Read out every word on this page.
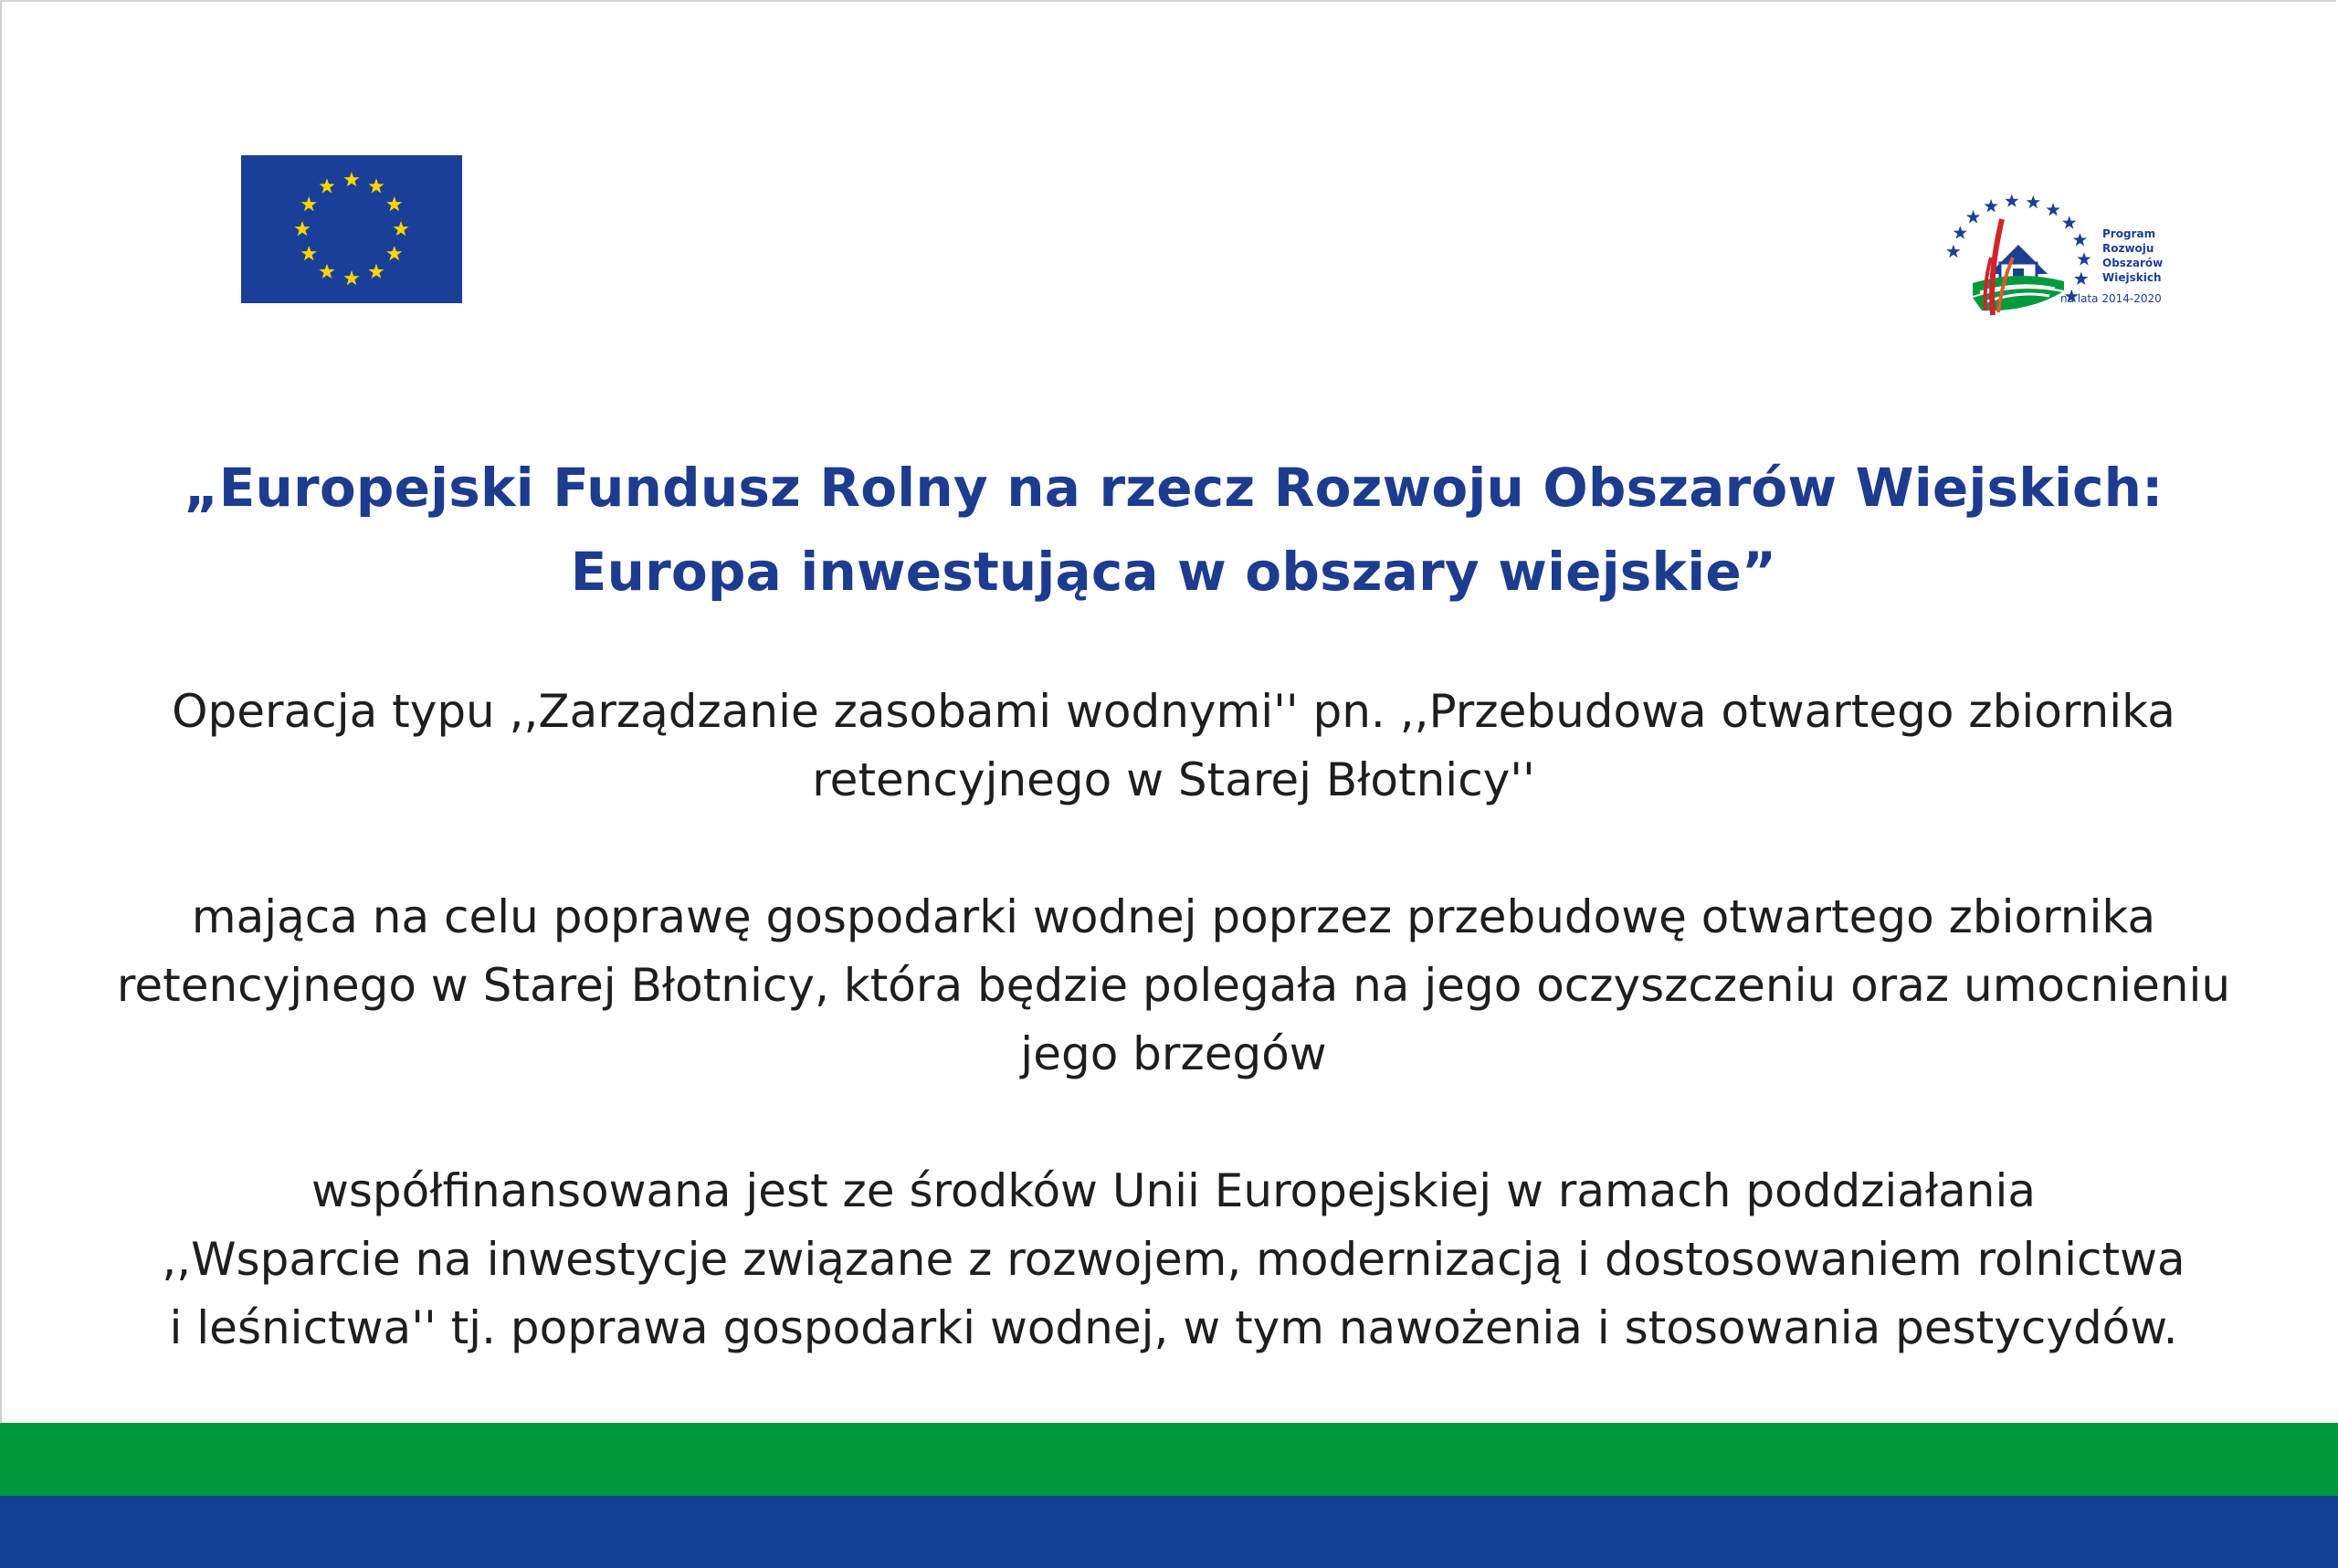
Program
Rozwoju
Obszarów
Wiejskich
na lata 2014-2020
„Europejski Fundusz Rolny na rzecz Rozwoju Obszarów Wiejskich:
Europa inwestująca w obszary wiejskie”
Operacja typu ,,Zarządzanie zasobami wodnymi'' pn. ,,Przebudowa otwartego zbiornika
retencyjnego w Starej Błotnicy''
mająca na celu poprawę gospodarki wodnej poprzez przebudowę otwartego zbiornika
retencyjnego w Starej Błotnicy, która będzie polegała na jego oczyszczeniu oraz umocnieniu
jego brzegów
współfinansowana jest ze środków Unii Europejskiej w ramach poddziałania
,,Wsparcie na inwestycje związane z rozwojem, modernizacją i dostosowaniem rolnictwa
i leśnictwa'' tj. poprawa gospodarki wodnej, w tym nawożenia i stosowania pestycydów.
